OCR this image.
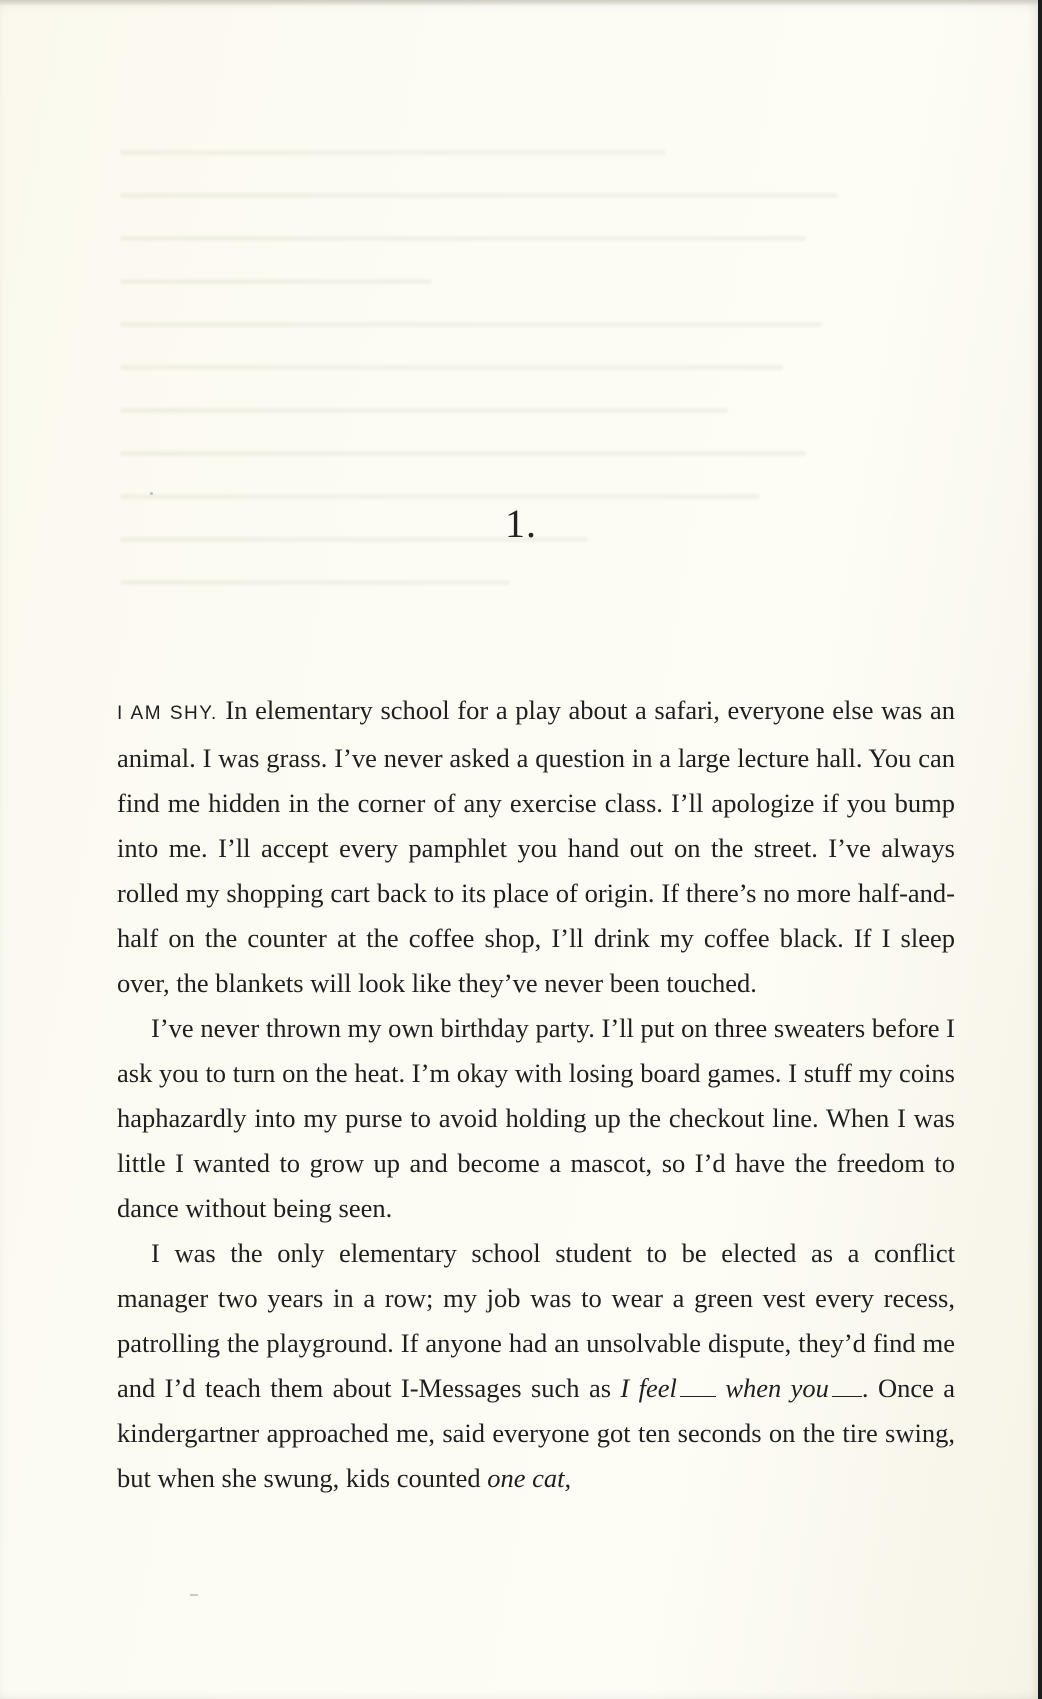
1.

I AM SHY. In elementary school for a play about a safari, everyone else was an animal. I was grass. I’ve never asked a question in a large lecture hall. You can find me hidden in the corner of any exercise class. I’ll apologize if you bump into me. I’ll accept every pamphlet you hand out on the street. I’ve always rolled my shopping cart back to its place of origin. If there’s no more half-and-half on the counter at the coffee shop, I’ll drink my coffee black. If I sleep over, the blankets will look like they’ve never been touched.

I’ve never thrown my own birthday party. I’ll put on three sweaters before I ask you to turn on the heat. I’m okay with losing board games. I stuff my coins haphazardly into my purse to avoid holding up the checkout line. When I was little I wanted to grow up and become a mascot, so I’d have the freedom to dance without being seen.

I was the only elementary school student to be elected as a conflict manager two years in a row; my job was to wear a green vest every recess, patrolling the playground. If anyone had an unsolvable dispute, they’d find me and I’d teach them about I-Messages such as I feel when you . Once a kindergartner approached me, said everyone got ten seconds on the tire swing, but when she swung, kids counted one cat,
